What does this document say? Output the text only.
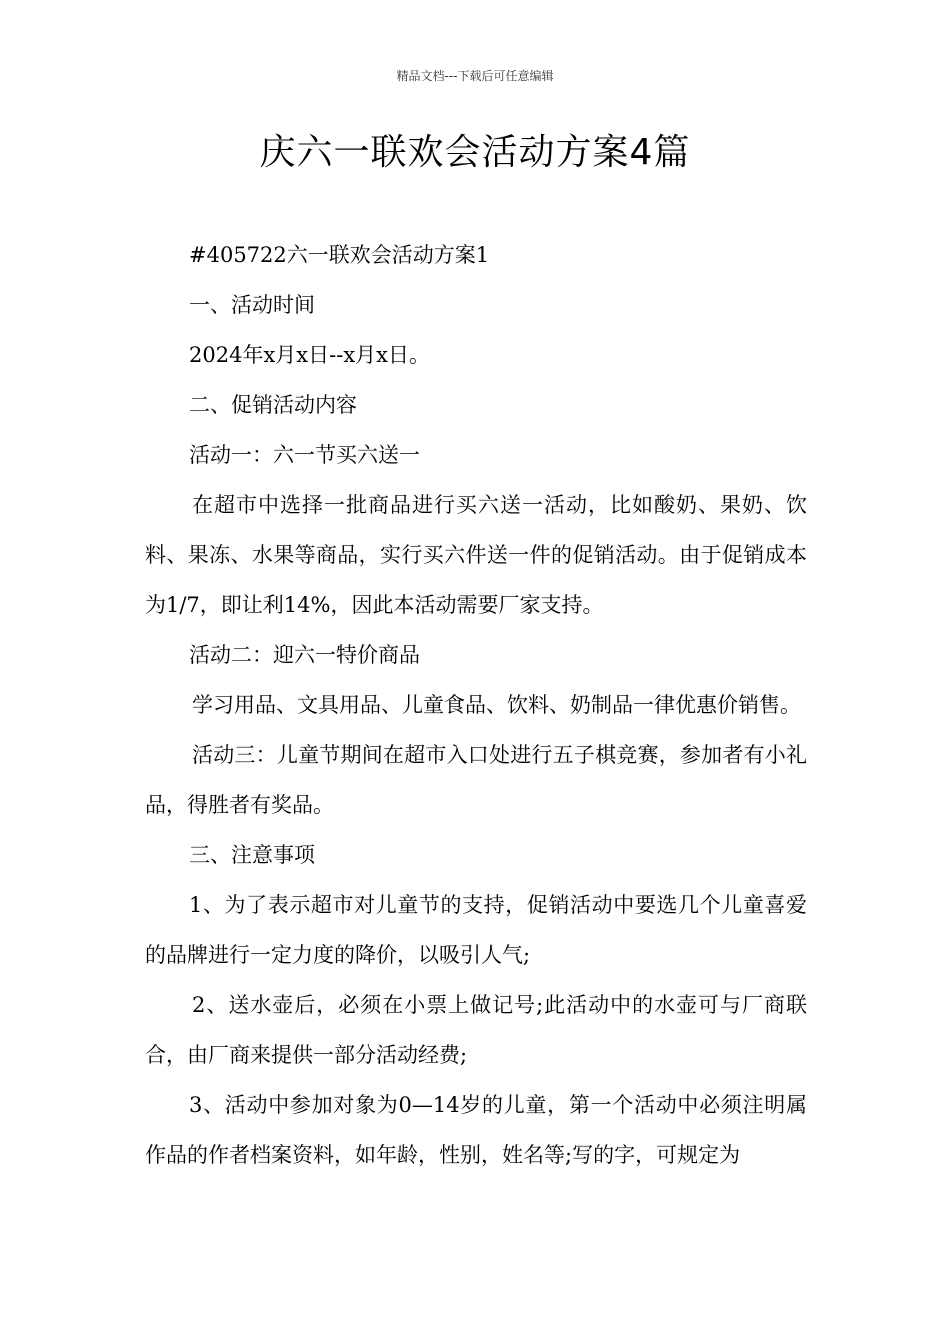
精品文档---下载后可任意编辑
庆六一联欢会活动方案4篇

#405722六一联欢会活动方案1

一、活动时间

2024年x月x日--x月x日。

二、促销活动内容

活动一：六一节买六送一

在超市中选择一批商品进行买六送一活动，比如酸奶、果奶、饮料、果冻、水果等商品，实行买六件送一件的促销活动。由于促销成本为1/7，即让利14%，因此本活动需要厂家支持。

活动二：迎六一特价商品

学习用品、文具用品、儿童食品、饮料、奶制品一律优惠价销售。

活动三：儿童节期间在超市入口处进行五子棋竞赛，参加者有小礼品，得胜者有奖品。

三、注意事项

1、为了表示超市对儿童节的支持，促销活动中要选几个儿童喜爱的品牌进行一定力度的降价，以吸引人气;

2、送水壶后，必须在小票上做记号;此活动中的水壶可与厂商联合，由厂商来提供一部分活动经费;

3、活动中参加对象为0—14岁的儿童，第一个活动中必须注明属作品的作者档案资料，如年龄，性别，姓名等;写的字，可规定为
